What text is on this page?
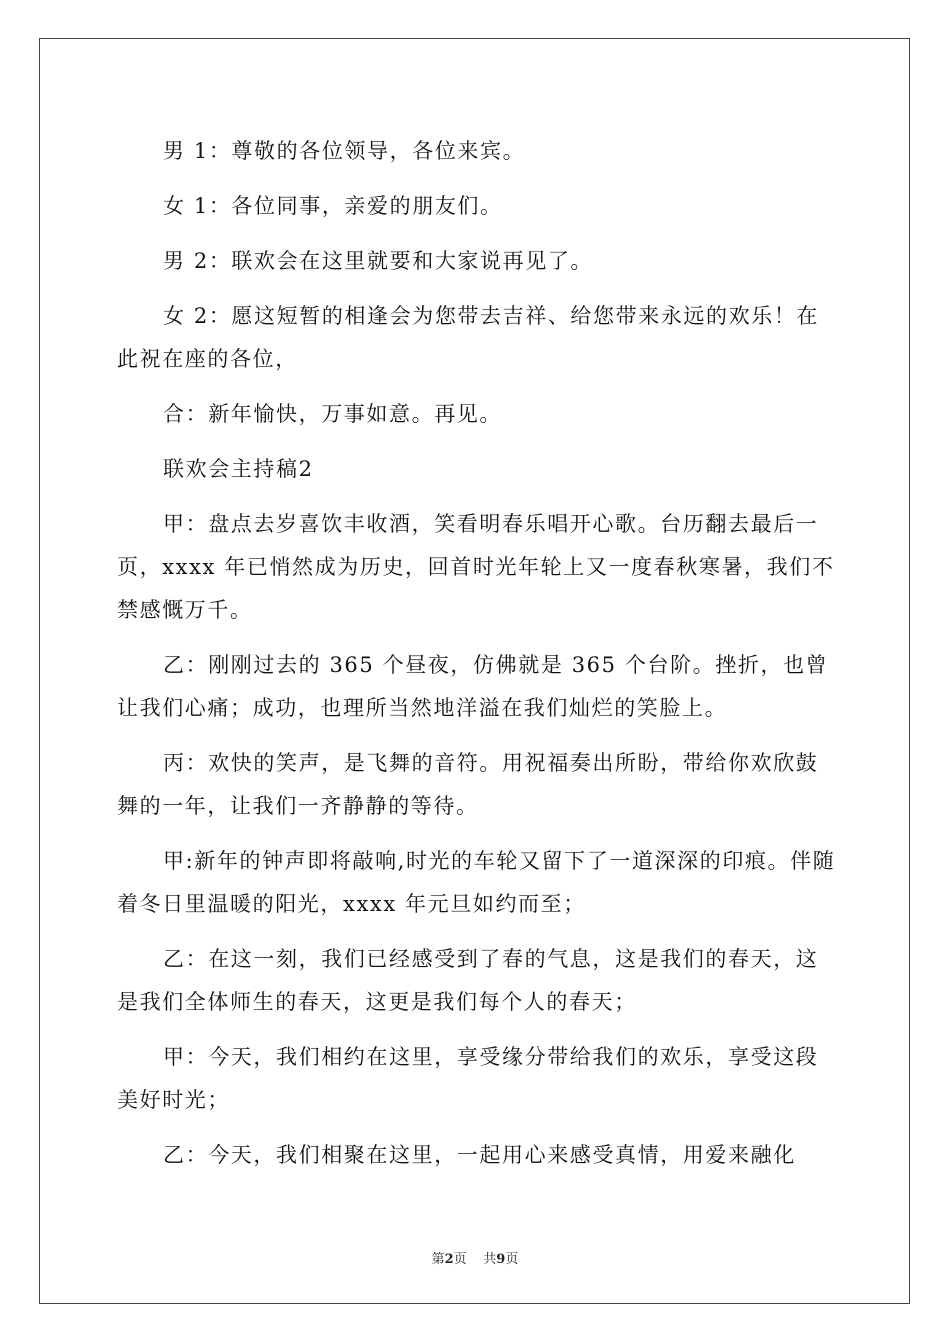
男 1：尊敬的各位领导，各位来宾。

女 1：各位同事，亲爱的朋友们。

男 2：联欢会在这里就要和大家说再见了。

女 2：愿这短暂的相逢会为您带去吉祥、给您带来永远的欢乐！在此祝在座的各位，

合：新年愉快，万事如意。再见。

联欢会主持稿2

甲：盘点去岁喜饮丰收酒，笑看明春乐唱开心歌。台历翻去最后一页，xxxx 年已悄然成为历史，回首时光年轮上又一度春秋寒暑，我们不禁感慨万千。

乙：刚刚过去的 365 个昼夜，仿佛就是 365 个台阶。挫折，也曾让我们心痛；成功，也理所当然地洋溢在我们灿烂的笑脸上。

丙：欢快的笑声，是飞舞的音符。用祝福奏出所盼，带给你欢欣鼓舞的一年，让我们一齐静静的等待。

甲:新年的钟声即将敲响,时光的车轮又留下了一道深深的印痕。伴随着冬日里温暖的阳光，xxxx 年元旦如约而至；

乙：在这一刻，我们已经感受到了春的气息，这是我们的春天，这是我们全体师生的春天，这更是我们每个人的春天；

甲：今天，我们相约在这里，享受缘分带给我们的欢乐，享受这段美好时光；

乙：今天，我们相聚在这里，一起用心来感受真情，用爱来融化

第2页 共9页
